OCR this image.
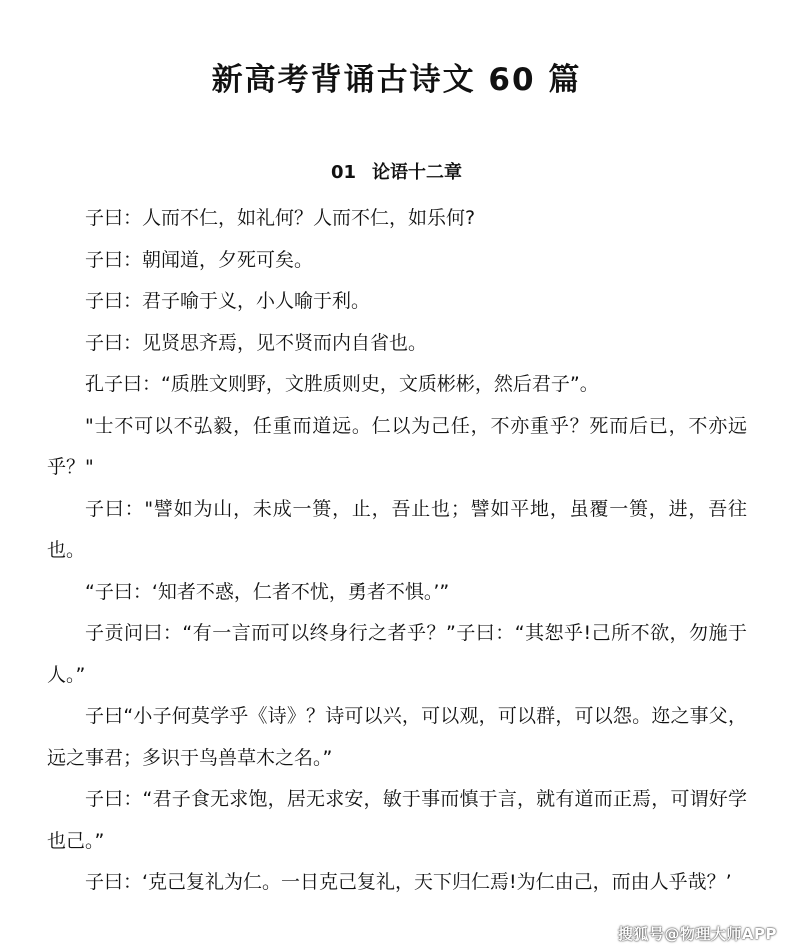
新高考背诵古诗文 60 篇
01 论语十二章

子曰：人而不仁，如礼何？人而不仁，如乐何?

子曰：朝闻道，夕死可矣。

子曰：君子喻于义，小人喻于利。

子曰：见贤思齐焉，见不贤而内自省也。

孔子曰：“质胜文则野，文胜质则史，文质彬彬，然后君子”。

"士不可以不弘毅，任重而道远。仁以为己任，不亦重乎？死而后已，不亦远乎？"

子曰："譬如为山，未成一篑，止，吾止也；譬如平地，虽覆一篑，进，吾往也。

“子曰：‘知者不惑，仁者不忧，勇者不惧。’”

子贡问曰：“有一言而可以终身行之者乎？”子曰：“其恕乎!己所不欲，勿施于人。”

子曰“小子何莫学乎《诗》？诗可以兴，可以观，可以群，可以怨。迩之事父，远之事君；多识于鸟兽草木之名。”

子曰：“君子食无求饱，居无求安，敏于事而慎于言，就有道而正焉，可谓好学也己。”

子曰：‘克己复礼为仁。一日克己复礼，天下归仁焉!为仁由己，而由人乎哉？’

搜狐号@物理大师APP
